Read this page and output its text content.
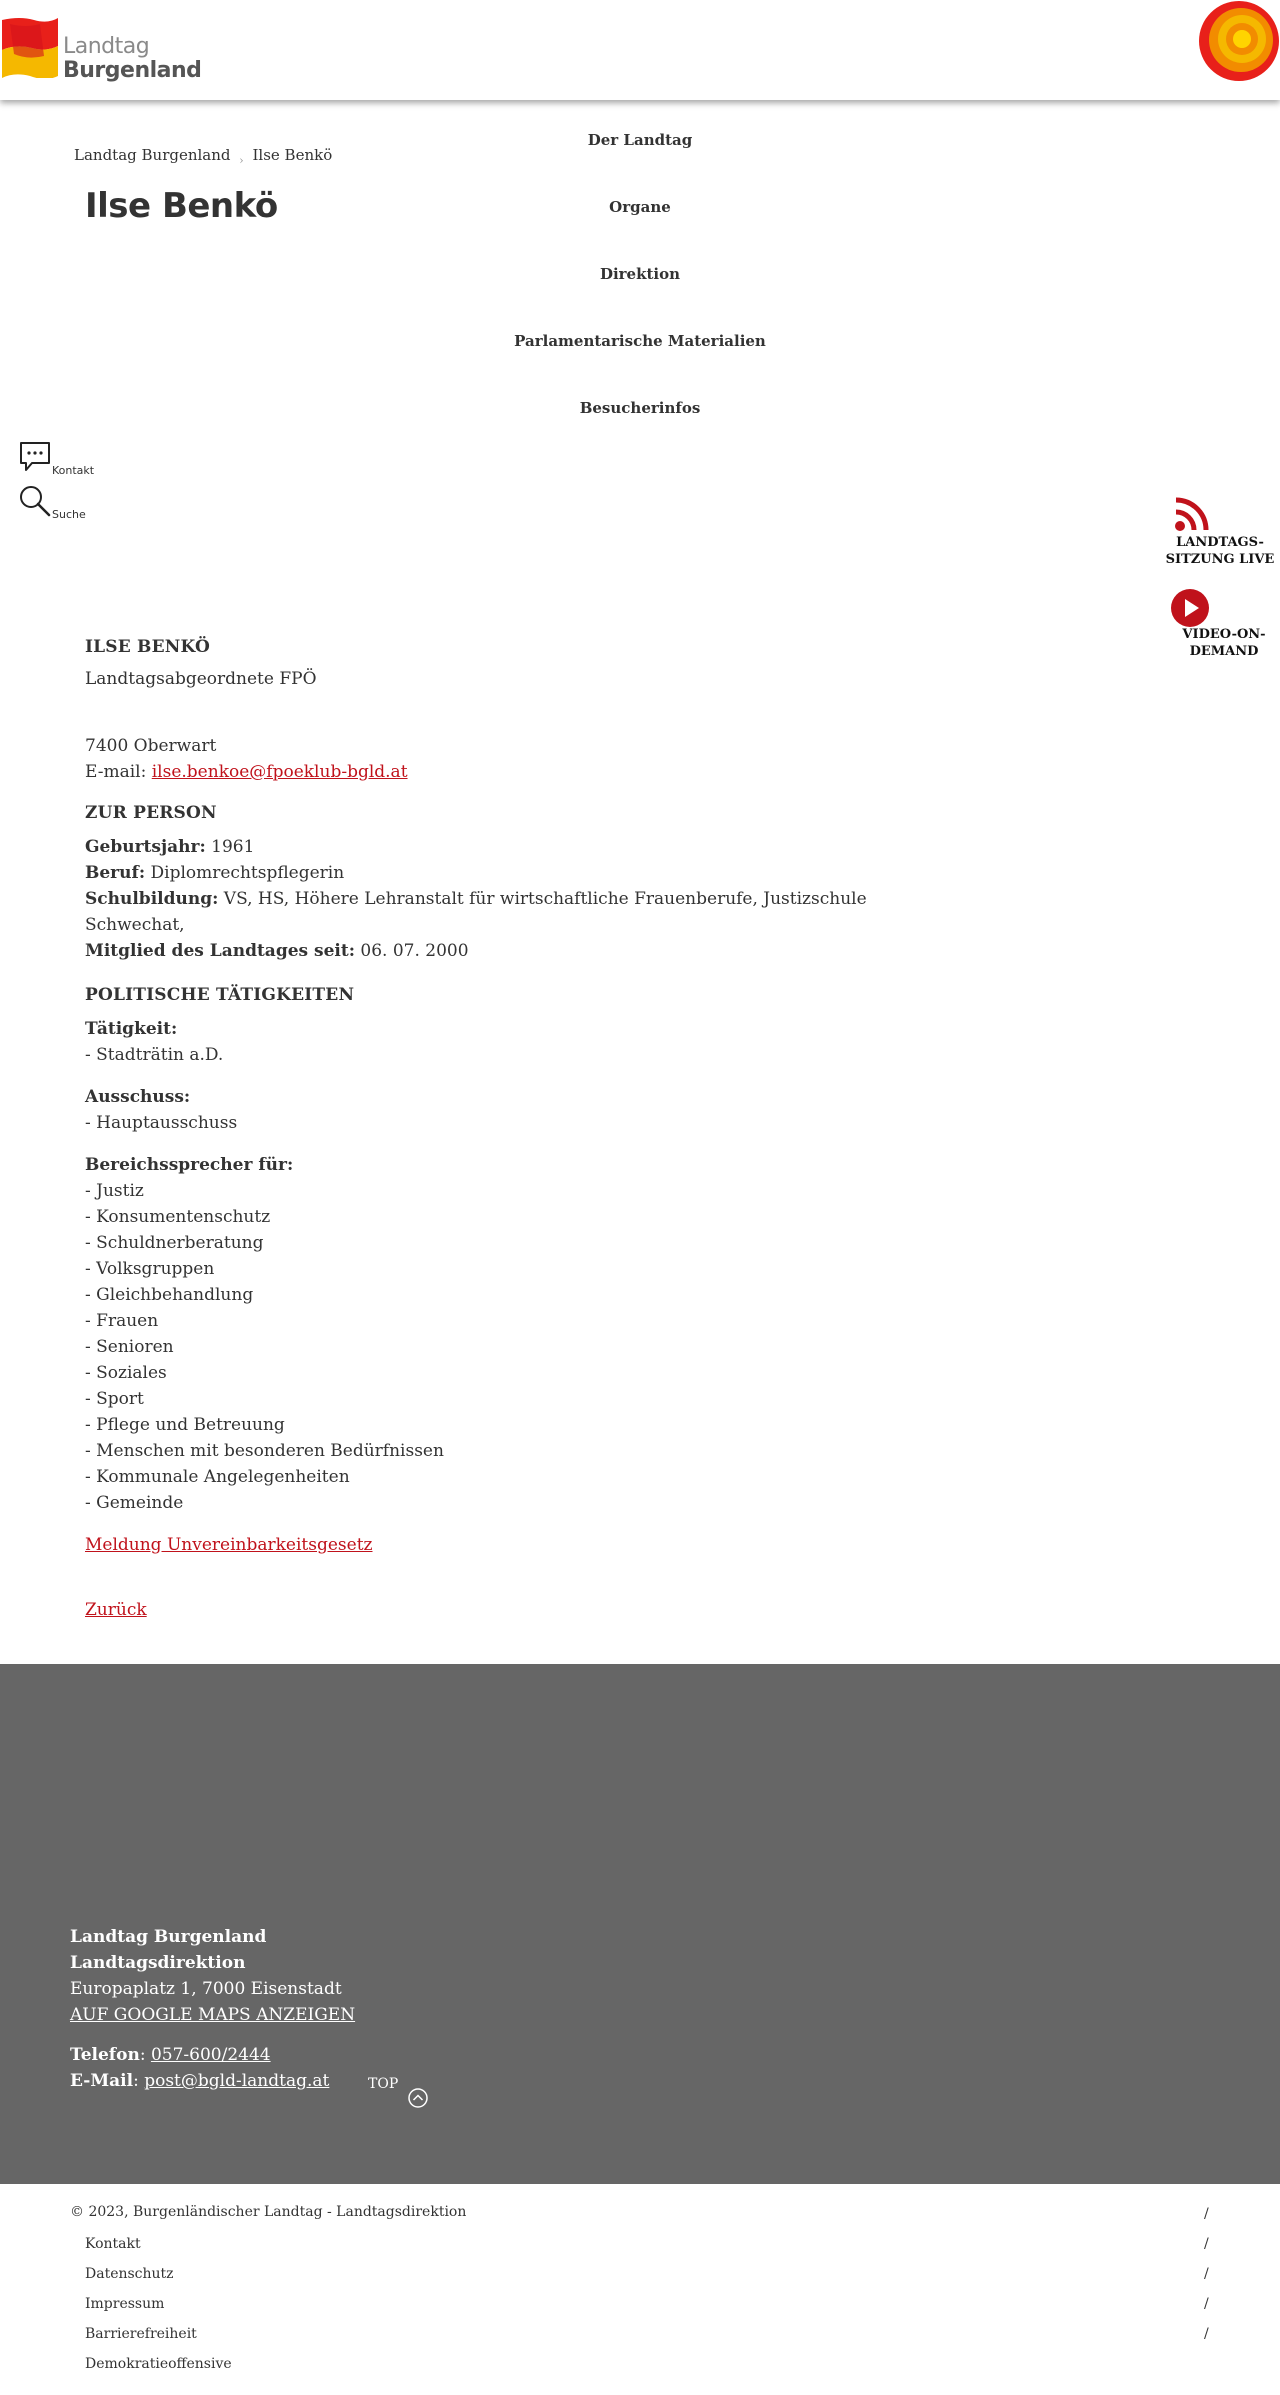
Landtag
Burgenland
Der Landtag
Organe
Direktion
Parlamentarische Materialien
Besucherinfos
Landtag Burgenland $_›$ Ilse Benkö
Ilse Benkö
Kontakt
Suche
LANDTAGS-
SITZUNG LIVE
VIDEO-ON-
DEMAND
ILSE BENKÖ
Landtagsabgeordnete FPÖ
7400 Oberwart
E-mail: ilse.benkoe@fpoeklub-bgld.at
ZUR PERSON
Geburtsjahr: 1961
Beruf: Diplomrechtspflegerin
Schulbildung: VS, HS, Höhere Lehranstalt für wirtschaftliche Frauenberufe, Justizschule
Schwechat,
Mitglied des Landtages seit: 06. 07. 2000
POLITISCHE TÄTIGKEITEN
Tätigkeit:
- Stadträtin a.D.
Ausschuss:
- Hauptausschuss
Bereichssprecher für:
- Justiz
- Konsumentenschutz
- Schuldnerberatung
- Volksgruppen
- Gleichbehandlung
- Frauen
- Senioren
- Soziales
- Sport
- Pflege und Betreuung
- Menschen mit besonderen Bedürfnissen
- Kommunale Angelegenheiten
- Gemeinde
Meldung Unvereinbarkeitsgesetz
Zurück
Landtag Burgenland
Landtagsdirektion
Europaplatz 1, 7000 Eisenstadt
AUF GOOGLE MAPS ANZEIGEN
Telefon: 057-600/2444
E-Mail: post@bgld-landtag.at	TOP
© 2023, Burgenländischer Landtag - Landtagsdirektion
Kontakt
Datenschutz
Impressum
Barrierefreiheit
Demokratieoffensive
/
/
/
/
/
